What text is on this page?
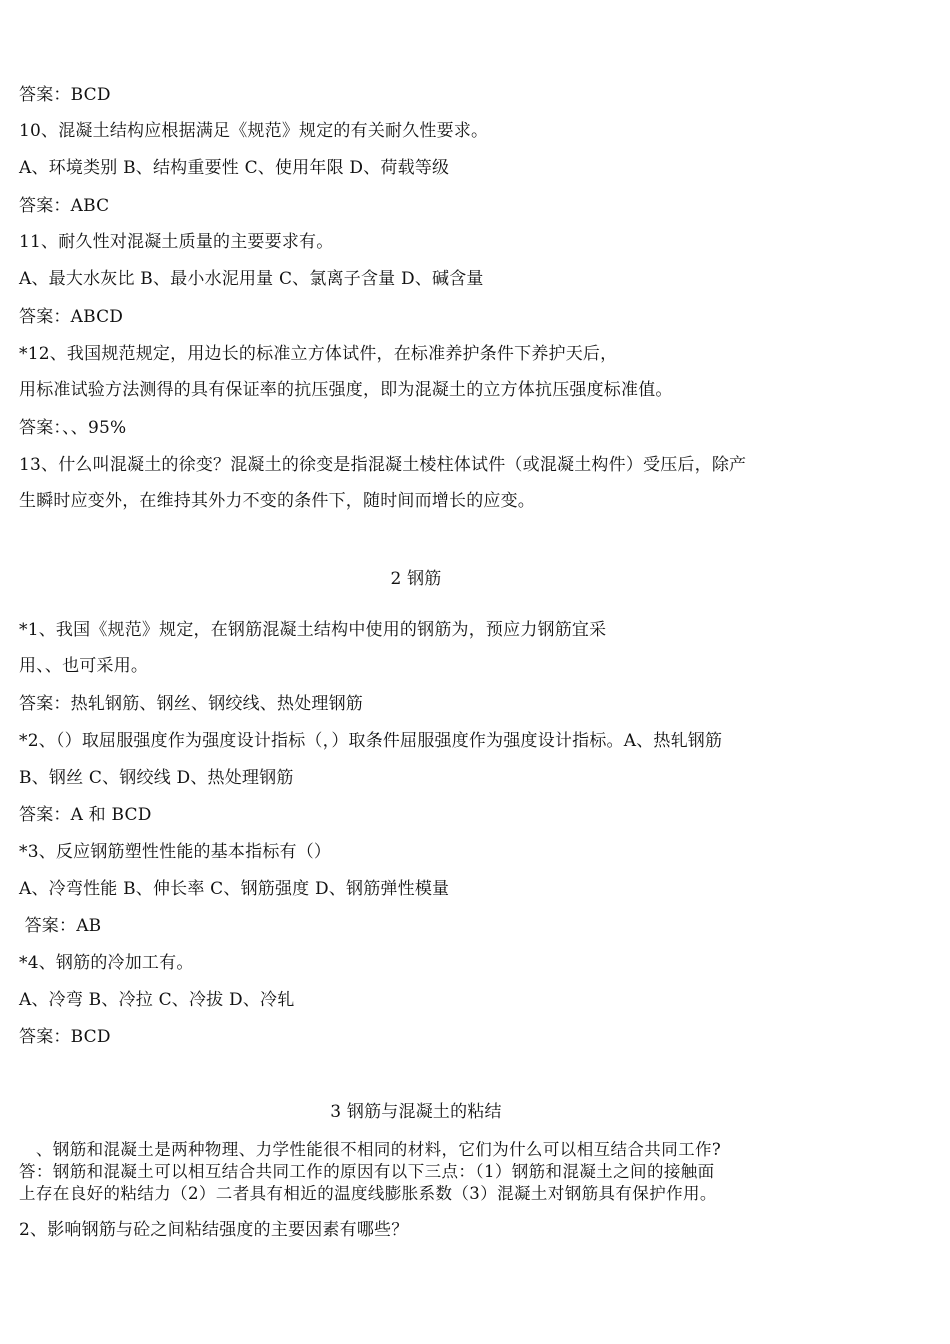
答案：BCD
10、混凝土结构应根据满足《规范》规定的有关耐久性要求。
A、环境类别 B、结构重要性 C、使用年限 D、荷载等级
答案：ABC
11、耐久性对混凝土质量的主要要求有。
A、最大水灰比 B、最小水泥用量 C、氯离子含量 D、碱含量
答案：ABCD
*12、我国规范规定，用边长的标准立方体试件，在标准养护条件下养护天后，
用标准试验方法测得的具有保证率的抗压强度，即为混凝土的立方体抗压强度标准值。
答案：、、95%
13、什么叫混凝土的徐变？混凝土的徐变是指混凝土棱柱体试件（或混凝土构件）受压后，除产
生瞬时应变外，在维持其外力不变的条件下，随时间而增长的应变。
2 钢筋
*1、我国《规范》规定，在钢筋混凝土结构中使用的钢筋为，预应力钢筋宜采
用、、也可采用。
答案：热轧钢筋、钢丝、钢绞线、热处理钢筋
*2、（）取屈服强度作为强度设计指标（，）取条件屈服强度作为强度设计指标。A、热轧钢筋
B、钢丝 C、钢绞线 D、热处理钢筋
答案：A 和 BCD
*3、反应钢筋塑性性能的基本指标有（）
A、冷弯性能 B、伸长率 C、钢筋强度 D、钢筋弹性模量
答案：AB
*4、钢筋的冷加工有。
A、冷弯 B、冷拉 C、冷拔 D、冷轧
答案：BCD
3 钢筋与混凝土的粘结
　、钢筋和混凝土是两种物理、力学性能很不相同的材料，它们为什么可以相互结合共同工作?
答：钢筋和混凝土可以相互结合共同工作的原因有以下三点：（1）钢筋和混凝土之间的接触面
上存在良好的粘结力（2）二者具有相近的温度线膨胀系数（3）混凝土对钢筋具有保护作用。
2、影响钢筋与砼之间粘结强度的主要因素有哪些？
